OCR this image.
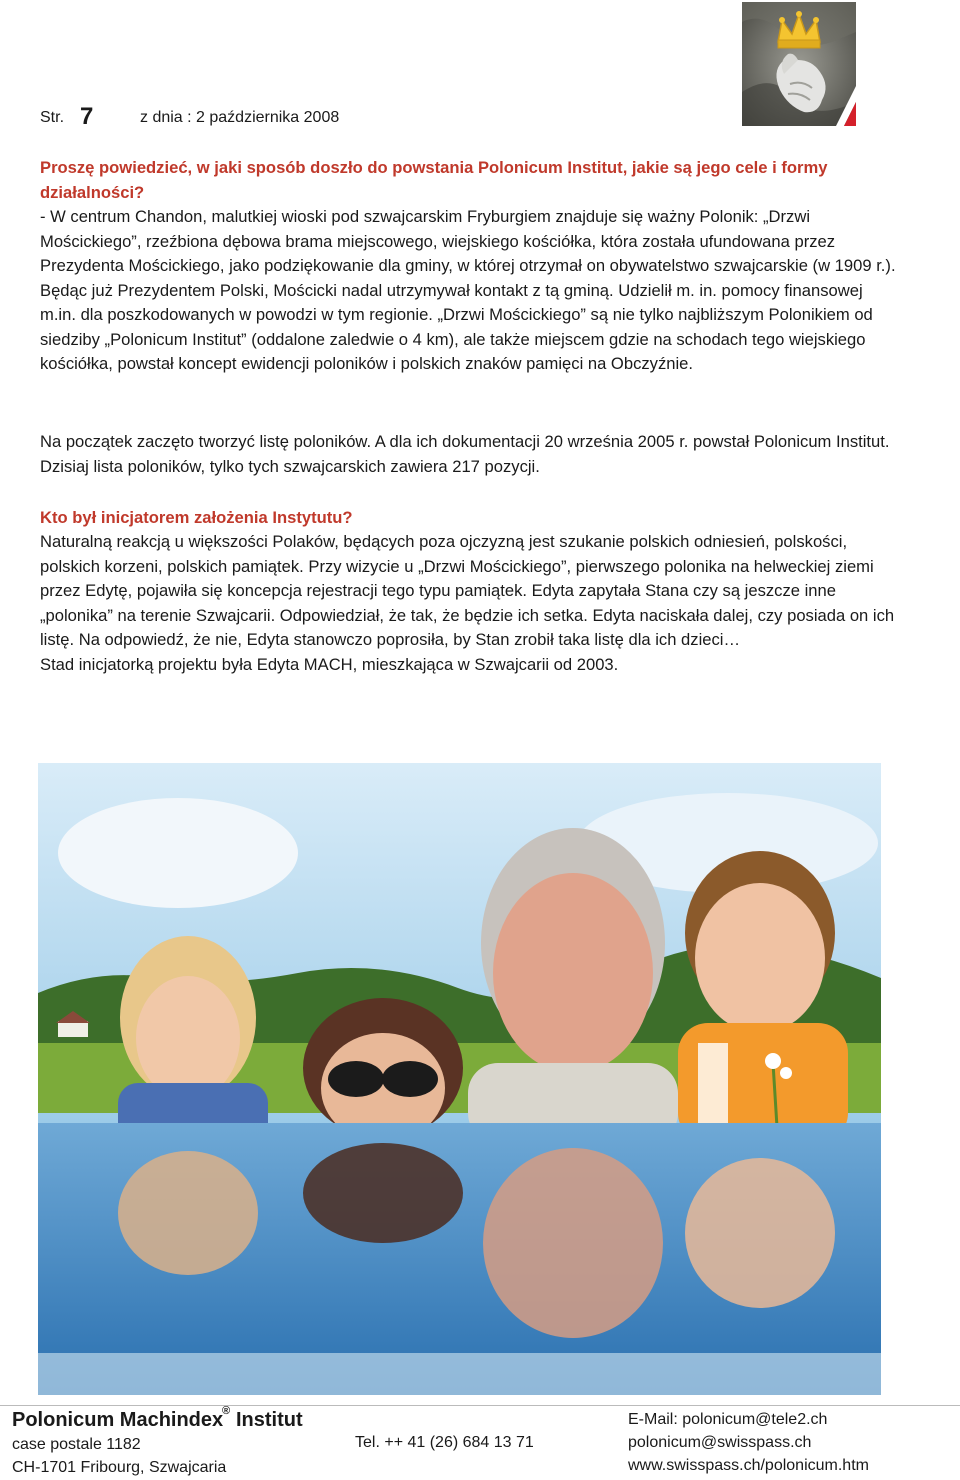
Str. 7	z dnia : 2 października 2008

Proszę powiedzieć, w jaki sposób doszło do powstania Polonicum Institut, jakie są jego cele i formy działalności?

- W centrum Chandon, malutkiej wioski pod szwajcarskim Fryburgiem znajduje się ważny Polonik: „Drzwi Mościckiego”, rzeźbiona dębowa brama miejscowego, wiejskiego kościółka, która została ufundowana przez Prezydenta Mościckiego, jako podziękowanie dla gminy, w której otrzymał on obywatelstwo szwajcarskie (w 1909 r.). Będąc już Prezydentem Polski, Mościcki nadal utrzymywał kontakt z tą gminą. Udzielił m. in. pomocy finansowej m.in. dla poszkodowanych w powodzi w tym regionie. „Drzwi Mościckiego” są nie tylko najbliższym Polonikiem od siedziby „Polonicum Institut” (oddalone zaledwie o 4 km), ale także miejscem gdzie na schodach tego wiejskiego kościółka, powstał koncept ewidencji poloników i polskich znaków pamięci na Obczyźnie.

Na początek zaczęto tworzyć listę poloników. A dla ich dokumentacji 20 września 2005 r. powstał Polonicum Institut. Dzisiaj lista poloników, tylko tych szwajcarskich zawiera 217 pozycji.

Kto był inicjatorem założenia Instytutu?

Naturalną reakcją u większości Polaków, będących poza ojczyzną jest szukanie polskich odniesień, polskości, polskich korzeni, polskich pamiątek. Przy wizycie u „Drzwi Mościckiego”, pierwszego polonika na helweckiej ziemi przez Edytę, pojawiła się koncepcja rejestracji tego typu pamiątek. Edyta zapytała Stana czy są jeszcze inne „polonika” na terenie Szwajcarii. Odpowiedział, że tak, że będzie ich setka. Edyta naciskała dalej, czy posiada on ich listę. Na odpowiedź, że nie, Edyta stanowczo poprosiła, by Stan zrobił taka listę dla ich dzieci…
Stad inicjatorką projektu była Edyta MACH, mieszkająca w Szwajcarii od 2003.
Polonicum Machindex
® Institut
case postale 1182
CH-1701 Fribourg, Szwajcaria
Tel. ++ 41 (26) 684 13 71
E-Mail: polonicum@tele2.ch
polonicum@swisspass.ch
www.swisspass.ch/polonicum.htm
